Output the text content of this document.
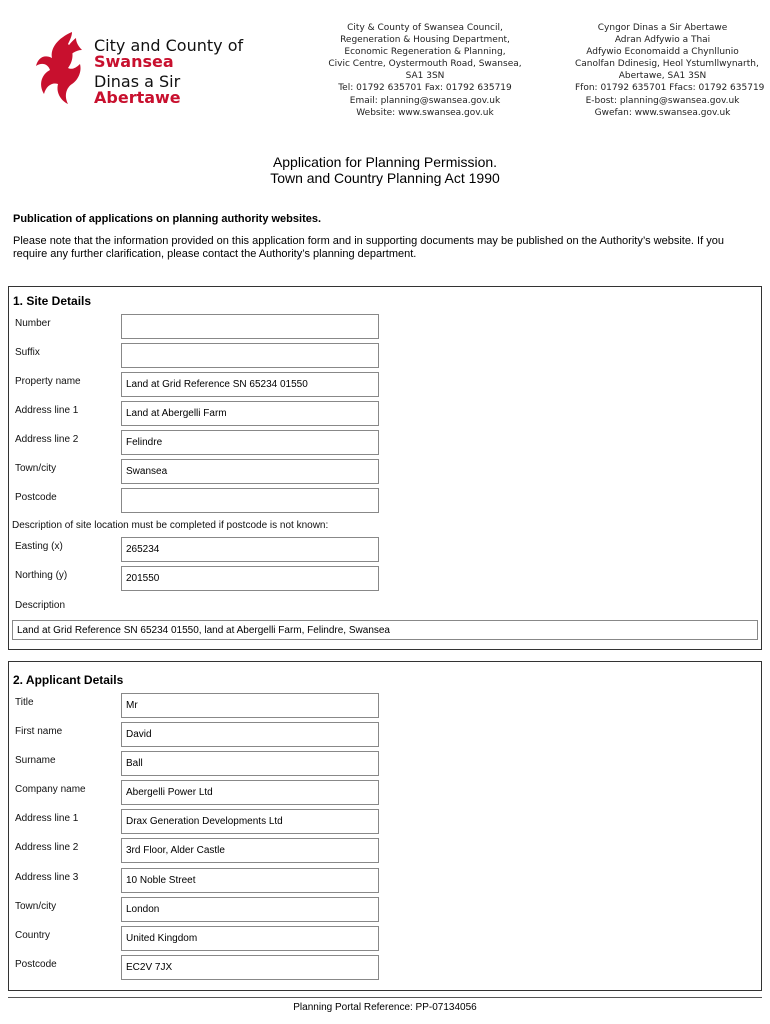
City and County of
Swansea
Dinas a Sir
Abertawe
City & County of Swansea Council,
Regeneration & Housing Department,
Economic Regeneration & Planning,
Civic Centre, Oystermouth Road, Swansea,
SA1 3SN
Tel: 01792 635701 Fax: 01792 635719
Email: planning@swansea.gov.uk
Website: www.swansea.gov.uk
Cyngor Dinas a Sir Abertawe
Adran Adfywio a Thai
Adfywio Economaidd a Chynllunio
Canolfan Ddinesig, Heol Ystumllwynarth,
Abertawe, SA1 3SN
Ffon: 01792 635701 Ffacs: 01792 635719
E-bost: planning@swansea.gov.uk
Gwefan: www.swansea.gov.uk
Application for Planning Permission.
Town and Country Planning Act 1990
Publication of applications on planning authority websites.
Please note that the information provided on this application form and in supporting documents may be published on the Authority’s website. If you require any further clarification, please contact the Authority’s planning department.
1. Site Details
Number
Suffix
Property name	Land at Grid Reference SN 65234 01550
Address line 1	Land at Abergelli Farm
Address line 2	Felindre
Town/city	Swansea
Postcode
Description of site location must be completed if postcode is not known:
Easting (x)	265234
Northing (y)	201550
Description
Land at Grid Reference SN 65234 01550, land at Abergelli Farm, Felindre, Swansea
2. Applicant Details
Title	Mr
First name	David
Surname	Ball
Company name	Abergelli Power Ltd
Address line 1	Drax Generation Developments Ltd
Address line 2	3rd Floor, Alder Castle
Address line 3	10 Noble Street
Town/city	London
Country	United Kingdom
Postcode	EC2V 7JX
Planning Portal Reference: PP-07134056
